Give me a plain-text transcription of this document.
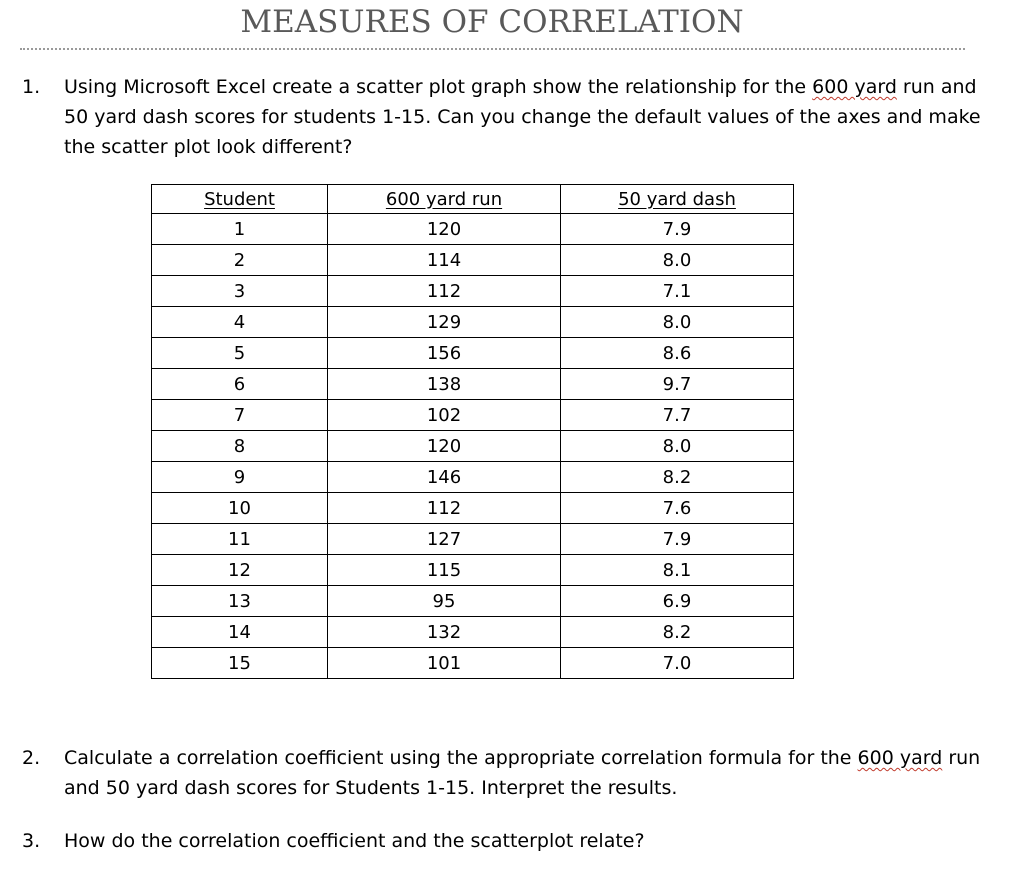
MEASURES OF CORRELATION
1. Using Microsoft Excel create a scatter plot graph show the relationship for the 600 yard run and 50 yard dash scores for students 1-15. Can you change the default values of the axes and make the scatter plot look different?
Student	600 yard run	50 yard dash
1	120	7.9
2	114	8.0
3	112	7.1
4	129	8.0
5	156	8.6
6	138	9.7
7	102	7.7
8	120	8.0
9	146	8.2
10	112	7.6
11	127	7.9
12	115	8.1
13	95	6.9
14	132	8.2
15	101	7.0
2. Calculate a correlation coefficient using the appropriate correlation formula for the 600 yard run and 50 yard dash scores for Students 1-15. Interpret the results.
3. How do the correlation coefficient and the scatterplot relate?
